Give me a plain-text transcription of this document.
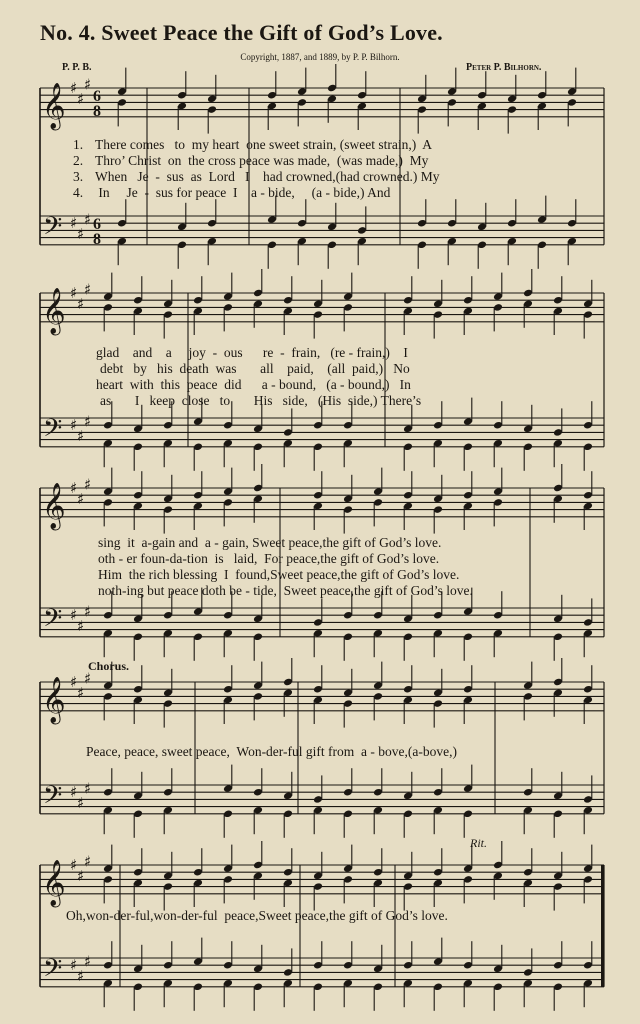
No. 4. Sweet Peace the Gift of God’s Love.
Copyright, 1887, and 1889, by P. P. Bilhorn.
P. P. B.	Peter P. Bilhorn.
1. There comes   to  my heart  one sweet strain, (sweet strain,)  A
2. Thro’ Christ  on  the cross peace was made,  (was made,)  My
3. When   Je  -  sus  as  Lord   I    had crowned,(had crowned.) My
4. In     Je  -  sus for peace  I    a - bide,     (a - bide,) And
glad    and    a     joy  -  ous      re  -  frain,   (re - frain,)    I
debt   by   his  death  was       all    paid,    (all  paid,)   No
heart  with  this  peace  did      a - bound,   (a - bound,)   In
as       I   keep  close   to       His   side,   (His  side,) There’s
sing  it  a-gain and  a - gain, Sweet peace,the gift of God’s love.
oth - er foun-da-tion  is   laid,  For peace,the gift of God’s love.
Him  the rich blessing  I  found,Sweet peace,the gift of God’s love.
noth-ing but peace doth be - tide,  Sweet peace,the gift of God’s love.
Chorus.
Peace, peace, sweet peace,  Won-der-ful gift from  a - bove,(a-bove,)
Rit.
Oh,won-der-ful,won-der-ful  peace,Sweet peace,the gift of God’s love.
𝄞
𝄢
♯
♯
♯
♯
♯
♯
6
8
6
8
𝄞
𝄢
♯
♯
♯
♯
♯
♯
𝄞
𝄢
♯
♯
♯
♯
♯
♯
𝄞
𝄢
♯
♯
♯
♯
♯
♯
𝄞
𝄢
♯
♯
♯
♯
♯
♯
